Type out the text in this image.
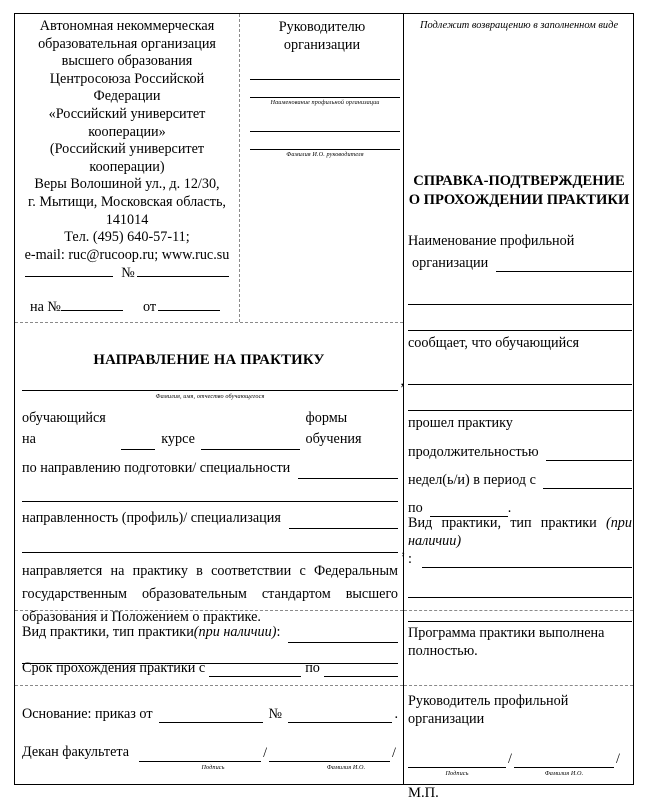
Автономная некоммерческая
образовательная организация
высшего образования
Центросоюза Российской
Федерации
«Российский университет
кооперации»
(Российский университет
кооперации)
Веры Волошиной ул., д. 12/30,
г. Мытищи, Московская область,
141014
Тел. (495) 640-57-11;
e-mail: ruc@rucoop.ru; www.ruc.su
№
на №	от
Руководителю
организации
Наименование профильной организации
Фамилия И.О. руководителя
Подлежит возвращению в заполненном виде
СПРАВКА-ПОДТВЕРЖДЕНИЕ
О ПРОХОЖДЕНИИ ПРАКТИКИ
Наименование профильной
организации
сообщает, что обучающийся
прошел практику
продолжительностью
недел(ь/и) в период с
по	.
Вид практики, тип практики (при наличии)
:
Программа практики выполнена
полностью.
Руководитель профильной
организации
/	/
Подпись	Фамилия И.О.
М.П.
НАПРАВЛЕНИЕ НА ПРАКТИКУ
,
Фамилия, имя, отчество обучающегося
обучающийся на	курсе
формы обучения
по направлению подготовки/ специальности
направленность (профиль)/ специализация
,
направляется на практику в соответствии с Федеральным государственным образовательным стандартом высшего образования и Положением о практике.
Вид практики, тип практики (при наличии) :
Срок прохождения практики с	по
Основание: приказ от	№	.
Декан факультета	/	/
Подпись	Фамилия И.О.
